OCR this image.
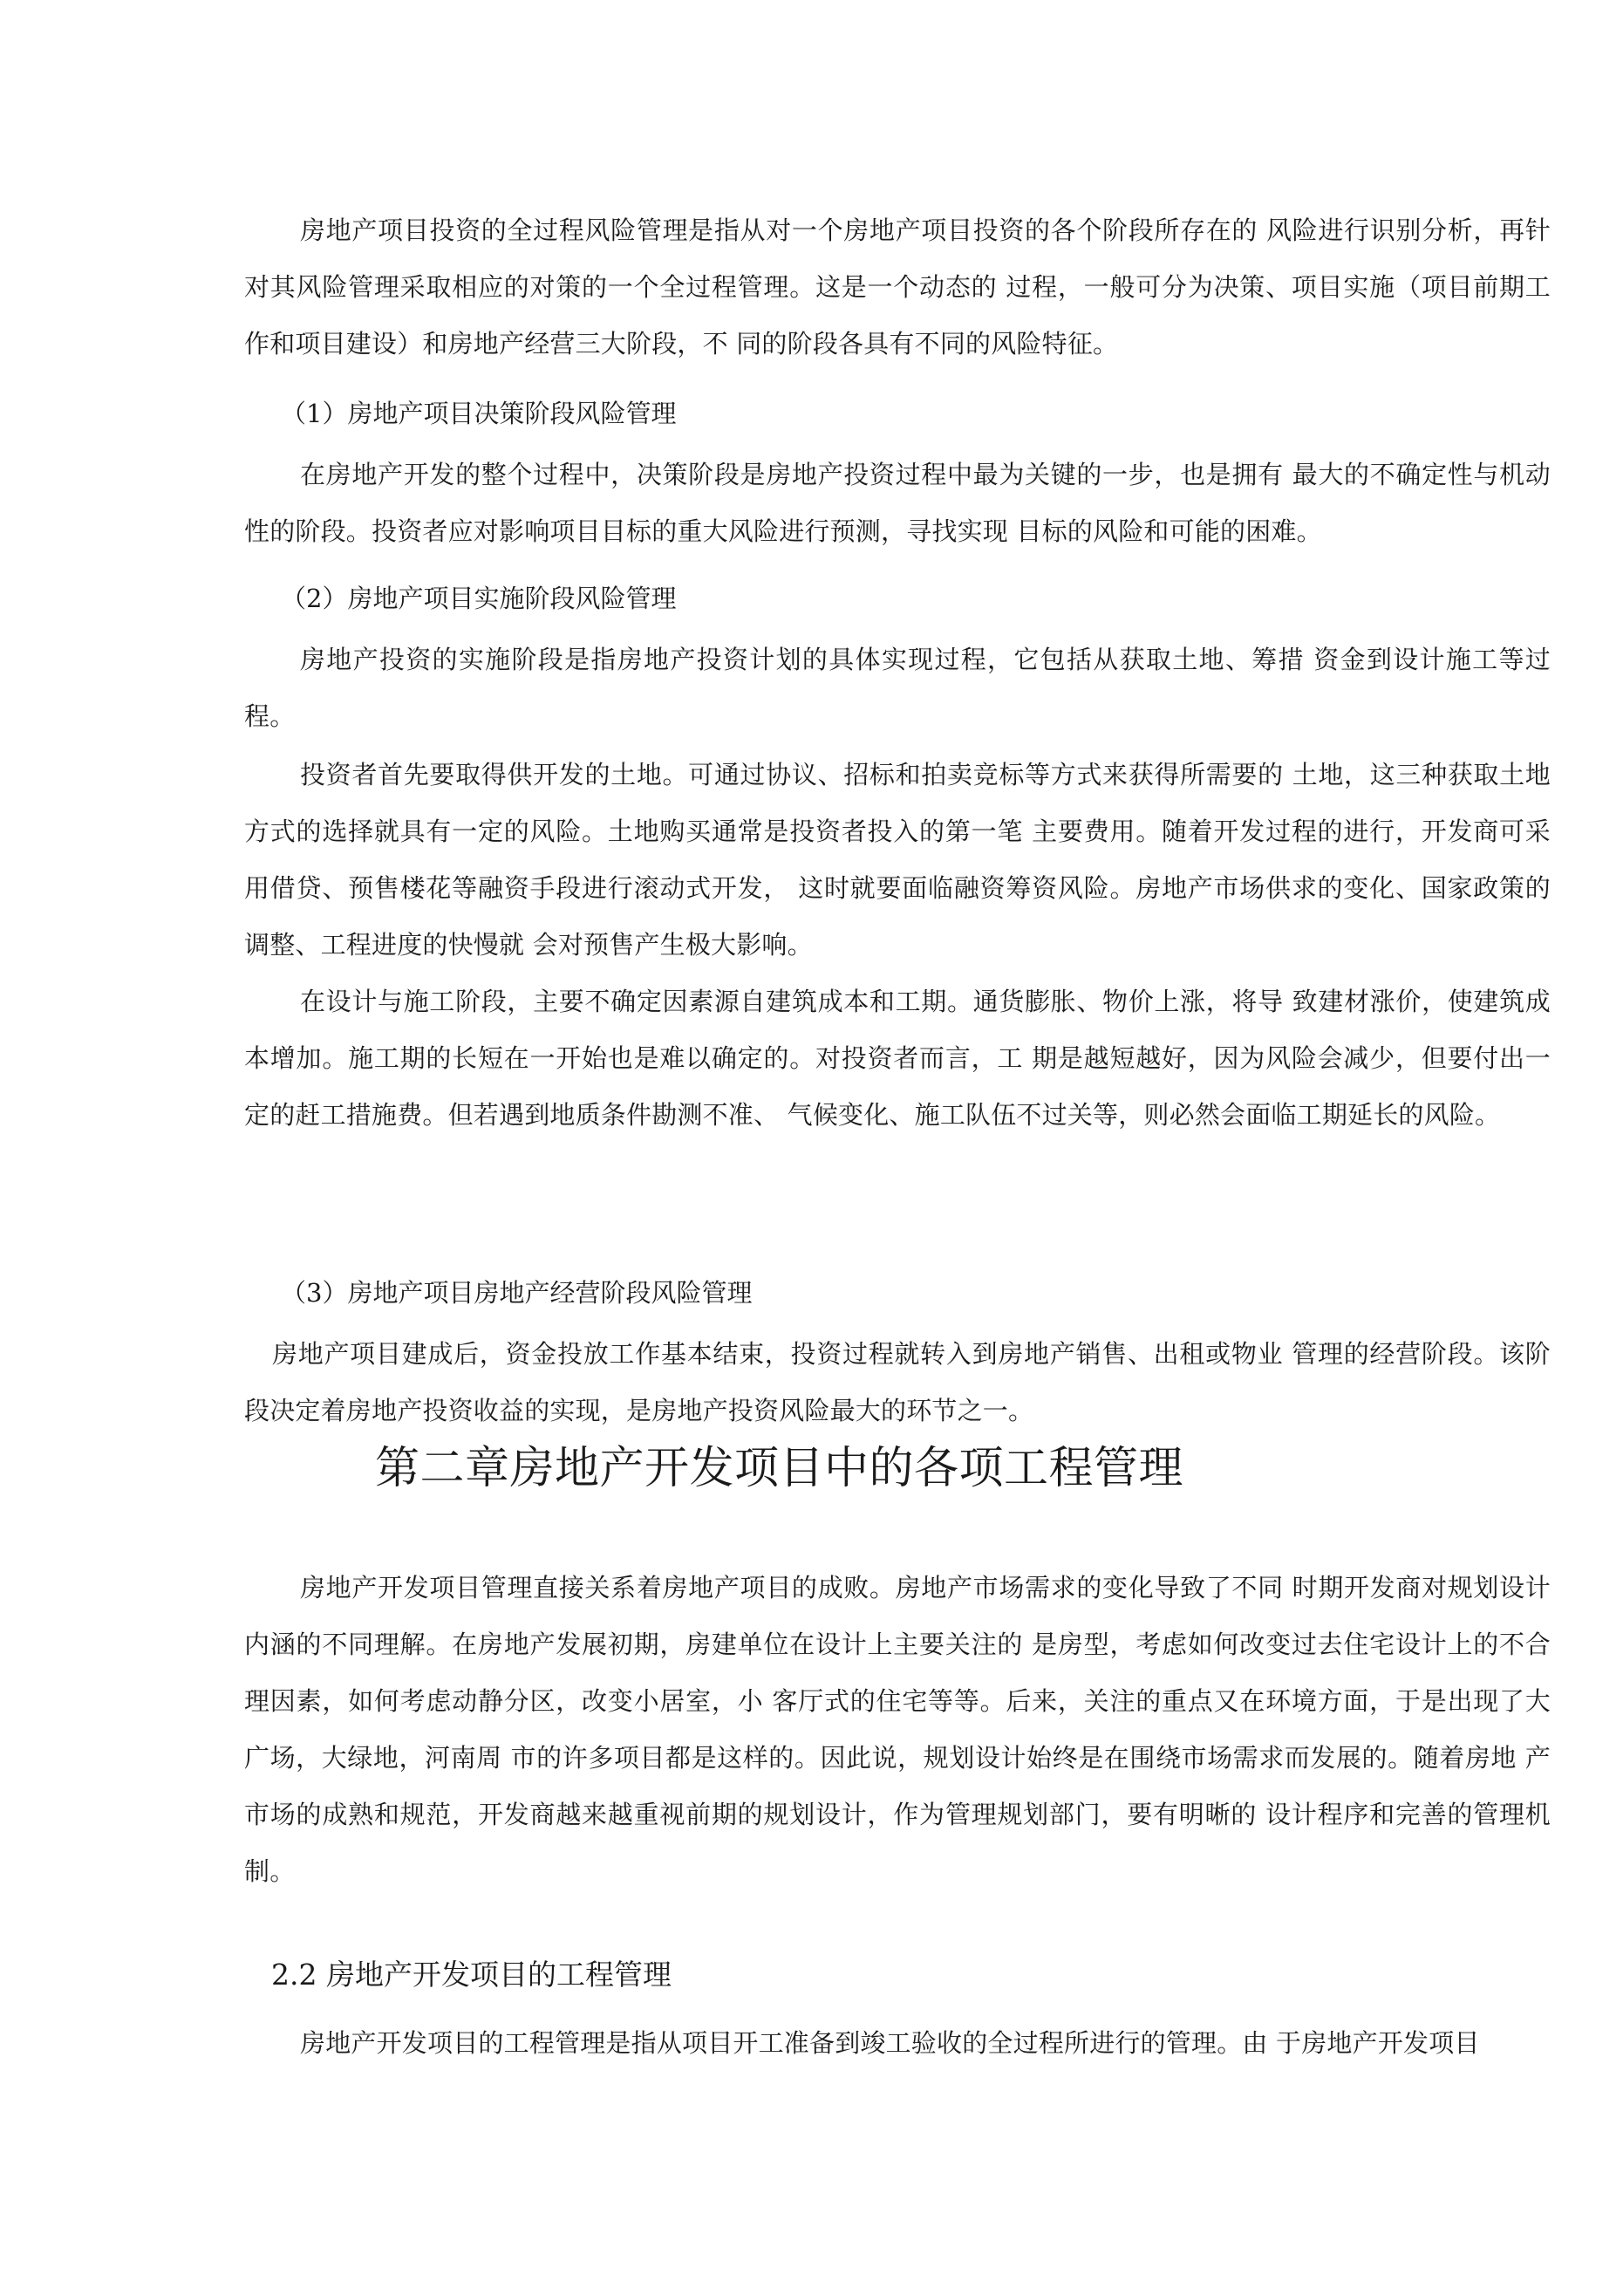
房地产项目投资的全过程风险管理是指从对一个房地产项目投资的各个阶段所存在的 风险进行识别分析，再针对其风险管理采取相应的对策的一个全过程管理。这是一个动态的 过程，一般可分为决策、项目实施（项目前期工作和项目建设）和房地产经营三大阶段，不 同的阶段各具有不同的风险特征。

（1）房地产项目决策阶段风险管理

在房地产开发的整个过程中，决策阶段是房地产投资过程中最为关键的一步，也是拥有 最大的不确定性与机动性的阶段。投资者应对影响项目目标的重大风险进行预测，寻找实现 目标的风险和可能的困难。

（2）房地产项目实施阶段风险管理

房地产投资的实施阶段是指房地产投资计划的具体实现过程，它包括从获取土地、筹措 资金到设计施工等过程。

投资者首先要取得供开发的土地。可通过协议、招标和拍卖竞标等方式来获得所需要的 土地，这三种获取土地方式的选择就具有一定的风险。土地购买通常是投资者投入的第一笔 主要费用。随着开发过程的进行，开发商可采用借贷、预售楼花等融资手段进行滚动式开发， 这时就要面临融资筹资风险。房地产市场供求的变化、国家政策的调整、工程进度的快慢就 会对预售产生极大影响。

在设计与施工阶段，主要不确定因素源自建筑成本和工期。通货膨胀、物价上涨，将导 致建材涨价，使建筑成本增加。施工期的长短在一开始也是难以确定的。对投资者而言，工 期是越短越好，因为风险会减少，但要付出一定的赶工措施费。但若遇到地质条件勘测不准、 气候变化、施工队伍不过关等，则必然会面临工期延长的风险。

（3）房地产项目房地产经营阶段风险管理

房地产项目建成后，资金投放工作基本结束，投资过程就转入到房地产销售、出租或物业 管理的经营阶段。该阶段决定着房地产投资收益的实现，是房地产投资风险最大的环节之一。

第二章房地产开发项目中的各项工程管理

房地产开发项目管理直接关系着房地产项目的成败。房地产市场需求的变化导致了不同 时期开发商对规划设计内涵的不同理解。在房地产发展初期，房建单位在设计上主要关注的 是房型，考虑如何改变过去住宅设计上的不合理因素，如何考虑动静分区，改变小居室，小 客厅式的住宅等等。后来，关注的重点又在环境方面，于是出现了大广场，大绿地，河南周 市的许多项目都是这样的。因此说，规划设计始终是在围绕市场需求而发展的。随着房地 产市场的成熟和规范，开发商越来越重视前期的规划设计，作为管理规划部门，要有明晰的 设计程序和完善的管理机制。

2.2 房地产开发项目的工程管理

房地产开发项目的工程管理是指从项目开工准备到竣工验收的全过程所进行的管理。由 于房地产开发项目
